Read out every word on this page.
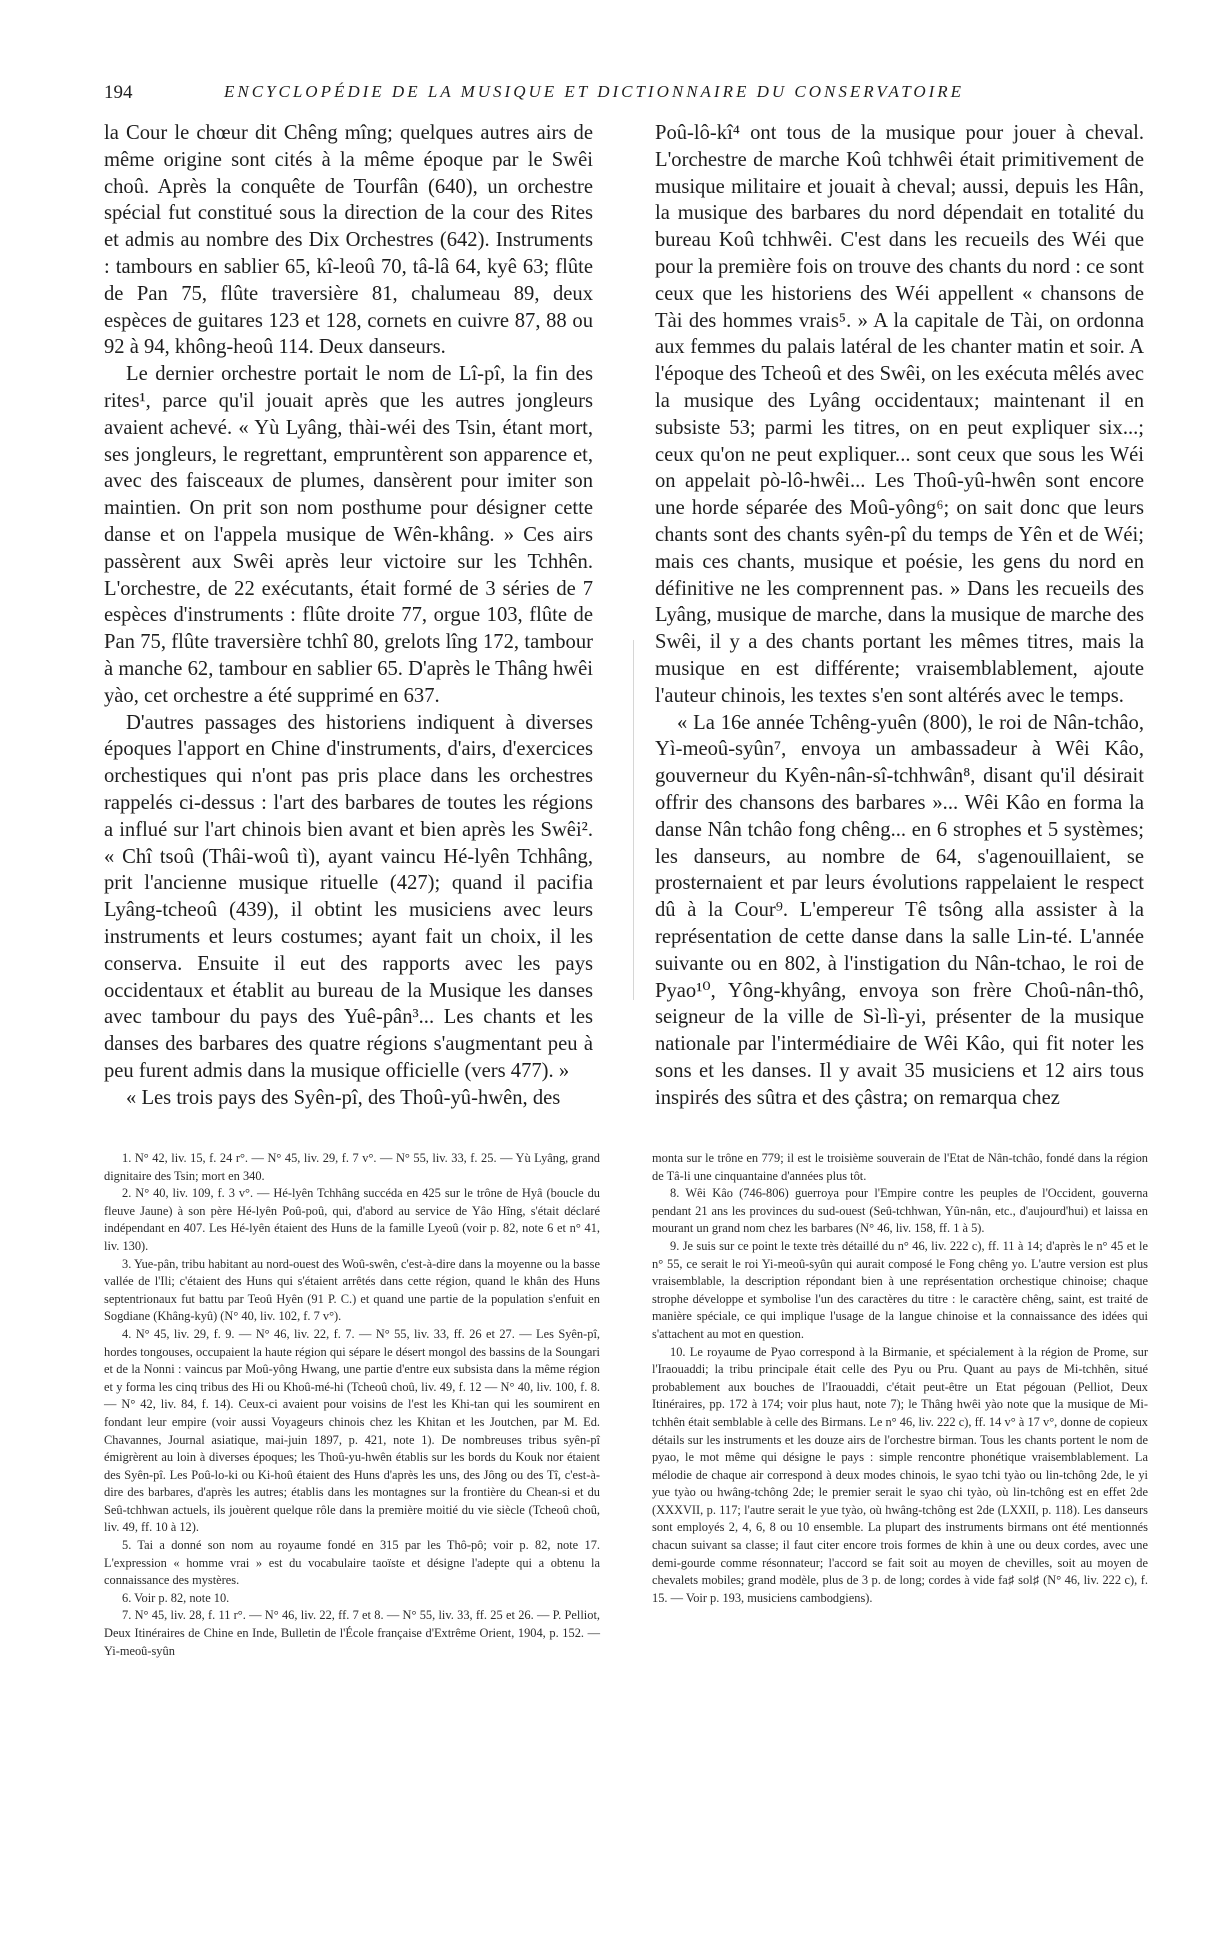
194	ENCYCLOPÉDIE DE LA MUSIQUE ET DICTIONNAIRE DU CONSERVATOIRE

la Cour le chœur dit Chêng mîng; quelques autres airs de même origine sont cités à la même époque par le Swêi choû. Après la conquête de Tourfân (640), un orchestre spécial fut constitué sous la direction de la cour des Rites et admis au nombre des Dix Orchestres (642). Instruments : tambours en sablier 65, kî-leoû 70, tâ-lâ 64, kyê 63; flûte de Pan 75, flûte traversière 81, chalumeau 89, deux espèces de guitares 123 et 128, cornets en cuivre 87, 88 ou 92 à 94, không-heoû 114. Deux danseurs.

Le dernier orchestre portait le nom de Lî-pî, la fin des rites¹, parce qu'il jouait après que les autres jongleurs avaient achevé. « Yù Lyâng, thài-wéi des Tsin, étant mort, ses jongleurs, le regrettant, empruntèrent son apparence et, avec des faisceaux de plumes, dansèrent pour imiter son maintien. On prit son nom posthume pour désigner cette danse et on l'appela musique de Wên-khâng. » Ces airs passèrent aux Swêi après leur victoire sur les Tchhên. L'orchestre, de 22 exécutants, était formé de 3 séries de 7 espèces d'instruments : flûte droite 77, orgue 103, flûte de Pan 75, flûte traversière tchhî 80, grelots lîng 172, tambour à manche 62, tambour en sablier 65. D'après le Thâng hwêi yào, cet orchestre a été supprimé en 637.

D'autres passages des historiens indiquent à diverses époques l'apport en Chine d'instruments, d'airs, d'exercices orchestiques qui n'ont pas pris place dans les orchestres rappelés ci-dessus : l'art des barbares de toutes les régions a influé sur l'art chinois bien avant et bien après les Swêi². « Chî tsoû (Thâi-woû tì), ayant vaincu Hé-lyên Tchhâng, prit l'ancienne musique rituelle (427); quand il pacifia Lyâng-tcheoû (439), il obtint les musiciens avec leurs instruments et leurs costumes; ayant fait un choix, il les conserva. Ensuite il eut des rapports avec les pays occidentaux et établit au bureau de la Musique les danses avec tambour du pays des Yuê-pân³... Les chants et les danses des barbares des quatre régions s'augmentant peu à peu furent admis dans la musique officielle (vers 477). »

« Les trois pays des Syên-pî, des Thoû-yû-hwên, des

Poû-lô-kî⁴ ont tous de la musique pour jouer à cheval. L'orchestre de marche Koû tchhwêi était primitivement de musique militaire et jouait à cheval; aussi, depuis les Hân, la musique des barbares du nord dépendait en totalité du bureau Koû tchhwêi. C'est dans les recueils des Wéi que pour la première fois on trouve des chants du nord : ce sont ceux que les historiens des Wéi appellent « chansons de Tài des hommes vrais⁵. » A la capitale de Tài, on ordonna aux femmes du palais latéral de les chanter matin et soir. A l'époque des Tcheoû et des Swêi, on les exécuta mêlés avec la musique des Lyâng occidentaux; maintenant il en subsiste 53; parmi les titres, on en peut expliquer six...; ceux qu'on ne peut expliquer... sont ceux que sous les Wéi on appelait pò-lô-hwêi... Les Thoû-yû-hwên sont encore une horde séparée des Moû-yông⁶; on sait donc que leurs chants sont des chants syên-pî du temps de Yên et de Wéi; mais ces chants, musique et poésie, les gens du nord en définitive ne les comprennent pas. » Dans les recueils des Lyâng, musique de marche, dans la musique de marche des Swêi, il y a des chants portant les mêmes titres, mais la musique en est différente; vraisemblablement, ajoute l'auteur chinois, les textes s'en sont altérés avec le temps.

« La 16e année Tchêng-yuên (800), le roi de Nân-tchâo, Yì-meoû-syûn⁷, envoya un ambassadeur à Wêi Kâo, gouverneur du Kyên-nân-sî-tchhwân⁸, disant qu'il désirait offrir des chansons des barbares »... Wêi Kâo en forma la danse Nân tchâo fong chêng... en 6 strophes et 5 systèmes; les danseurs, au nombre de 64, s'agenouillaient, se prosternaient et par leurs évolutions rappelaient le respect dû à la Cour⁹. L'empereur Tê tsông alla assister à la représentation de cette danse dans la salle Lin-té. L'année suivante ou en 802, à l'instigation du Nân-tchao, le roi de Pyao¹⁰, Yông-khyâng, envoya son frère Choû-nân-thô, seigneur de la ville de Sì-lì-yi, présenter de la musique nationale par l'intermédiaire de Wêi Kâo, qui fit noter les sons et les danses. Il y avait 35 musiciens et 12 airs tous inspirés des sûtra et des çâstra; on remarqua chez

1. N° 42, liv. 15, f. 24 r°. — N° 45, liv. 29, f. 7 v°. — N° 55, liv. 33, f. 25. — Yù Lyâng, grand dignitaire des Tsin; mort en 340.

2. N° 40, liv. 109, f. 3 v°. — Hé-lyên Tchhâng succéda en 425 sur le trône de Hyâ (boucle du fleuve Jaune) à son père Hé-lyên Poû-poû, qui, d'abord au service de Yâo Hîng, s'était déclaré indépendant en 407. Les Hé-lyên étaient des Huns de la famille Lyeoû (voir p. 82, note 6 et n° 41, liv. 130).

3. Yue-pân, tribu habitant au nord-ouest des Woû-swên, c'est-à-dire dans la moyenne ou la basse vallée de l'Ili; c'étaient des Huns qui s'étaient arrêtés dans cette région, quand le khân des Huns septentrionaux fut battu par Teoû Hyên (91 P. C.) et quand une partie de la population s'enfuit en Sogdiane (Khâng-kyû) (N° 40, liv. 102, f. 7 v°).

4. N° 45, liv. 29, f. 9. — N° 46, liv. 22, f. 7. — N° 55, liv. 33, ff. 26 et 27. — Les Syên-pî, hordes tongouses, occupaient la haute région qui sépare le désert mongol des bassins de la Soungari et de la Nonni : vaincus par Moû-yông Hwang, une partie d'entre eux subsista dans la même région et y forma les cinq tribus des Hi ou Khoû-mé-hi (Tcheoû choû, liv. 49, f. 12 — N° 40, liv. 100, f. 8. — N° 42, liv. 84, f. 14). Ceux-ci avaient pour voisins de l'est les Khi-tan qui les soumirent en fondant leur empire (voir aussi Voyageurs chinois chez les Khitan et les Joutchen, par M. Ed. Chavannes, Journal asiatique, mai-juin 1897, p. 421, note 1). De nombreuses tribus syên-pî émigrèrent au loin à diverses époques; les Thoû-yu-hwên établis sur les bords du Kouk nor étaient des Syên-pî. Les Poû-lo-ki ou Ki-hoû étaient des Huns d'après les uns, des Jông ou des Tî, c'est-à-dire des barbares, d'après les autres; établis dans les montagnes sur la frontière du Chean-si et du Seû-tchhwan actuels, ils jouèrent quelque rôle dans la première moitié du vie siècle (Tcheoû choû, liv. 49, ff. 10 à 12).

5. Tai a donné son nom au royaume fondé en 315 par les Thô-pô; voir p. 82, note 17. L'expression « homme vrai » est du vocabulaire taoïste et désigne l'adepte qui a obtenu la connaissance des mystères.

6. Voir p. 82, note 10.

7. N° 45, liv. 28, f. 11 r°. — N° 46, liv. 22, ff. 7 et 8. — N° 55, liv. 33, ff. 25 et 26. — P. Pelliot, Deux Itinéraires de Chine en Inde, Bulletin de l'École française d'Extrême Orient, 1904, p. 152. — Yi-meoû-syûn

monta sur le trône en 779; il est le troisième souverain de l'Etat de Nân-tchâo, fondé dans la région de Tâ-li une cinquantaine d'années plus tôt.

8. Wêi Kâo (746-806) guerroya pour l'Empire contre les peuples de l'Occident, gouverna pendant 21 ans les provinces du sud-ouest (Seû-tchhwan, Yûn-nân, etc., d'aujourd'hui) et laissa en mourant un grand nom chez les barbares (N° 46, liv. 158, ff. 1 à 5).

9. Je suis sur ce point le texte très détaillé du n° 46, liv. 222 c), ff. 11 à 14; d'après le n° 45 et le n° 55, ce serait le roi Yi-meoû-syûn qui aurait composé le Fong chêng yo. L'autre version est plus vraisemblable, la description répondant bien à une représentation orchestique chinoise; chaque strophe développe et symbolise l'un des caractères du titre : le caractère chêng, saint, est traité de manière spéciale, ce qui implique l'usage de la langue chinoise et la connaissance des idées qui s'attachent au mot en question.

10. Le royaume de Pyao correspond à la Birmanie, et spécialement à la région de Prome, sur l'Iraouaddi; la tribu principale était celle des Pyu ou Pru. Quant au pays de Mi-tchhên, situé probablement aux bouches de l'Iraouaddi, c'était peut-être un Etat pégouan (Pelliot, Deux Itinéraires, pp. 172 à 174; voir plus haut, note 7); le Thâng hwêi yào note que la musique de Mi-tchhên était semblable à celle des Birmans. Le n° 46, liv. 222 c), ff. 14 v° à 17 v°, donne de copieux détails sur les instruments et les douze airs de l'orchestre birman. Tous les chants portent le nom de pyao, le mot même qui désigne le pays : simple rencontre phonétique vraisemblablement. La mélodie de chaque air correspond à deux modes chinois, le syao tchi tyào ou lin-tchông 2de, le yi yue tyào ou hwâng-tchông 2de; le premier serait le syao chi tyào, où lin-tchông est en effet 2de (XXXVII, p. 117; l'autre serait le yue tyào, où hwâng-tchông est 2de (LXXII, p. 118). Les danseurs sont employés 2, 4, 6, 8 ou 10 ensemble. La plupart des instruments birmans ont été mentionnés chacun suivant sa classe; il faut citer encore trois formes de khin à une ou deux cordes, avec une demi-gourde comme résonnateur; l'accord se fait soit au moyen de chevilles, soit au moyen de chevalets mobiles; grand modèle, plus de 3 p. de long; cordes à vide fa♯ sol♯ (N° 46, liv. 222 c), f. 15. — Voir p. 193, musiciens cambodgiens).
